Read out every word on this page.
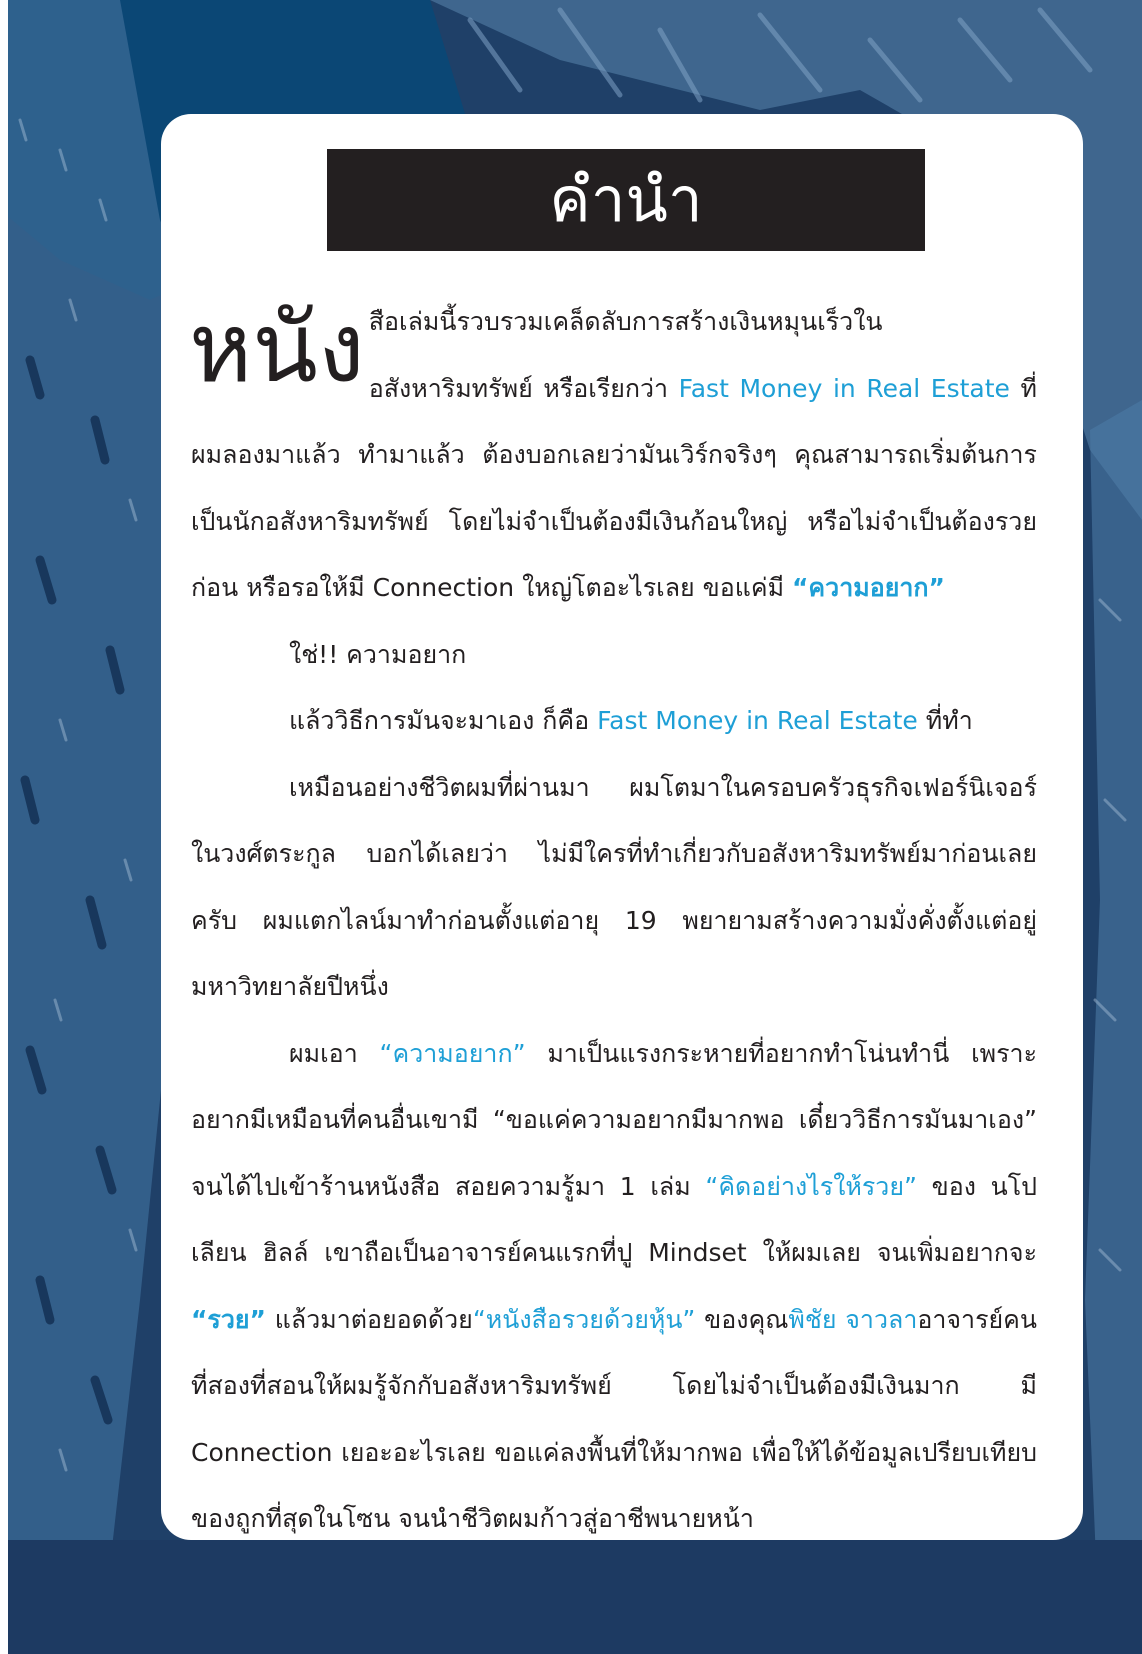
คำนำ

หนัง สือเล่มนี้รวบรวมเคล็ดลับการสร้างเงินหมุนเร็วในอสังหาริมทรัพย์ หรือเรียกว่า Fast Money in Real Estate ที่ผมลองมาแล้ว ทำมาแล้ว ต้องบอกเลยว่ามันเวิร์กจริงๆ คุณสามารถเริ่มต้นการเป็นนักอสังหาริมทรัพย์ โดยไม่จำเป็นต้องมีเงินก้อนใหญ่ หรือไม่จำเป็นต้องรวยก่อน หรือรอให้มี Connection ใหญ่โตอะไรเลย ขอแค่มี “ความอยาก”

ใช่!! ความอยาก

แล้ววิธีการมันจะมาเอง ก็คือ Fast Money in Real Estate ที่ทำ

เหมือนอย่างชีวิตผมที่ผ่านมา ผมโตมาในครอบครัวธุรกิจเฟอร์นิเจอร์ ในวงศ์ตระกูล บอกได้เลยว่า ไม่มีใครที่ทำเกี่ยวกับอสังหาริมทรัพย์มาก่อนเลยครับ ผมแตกไลน์มาทำก่อนตั้งแต่อายุ 19 พยายามสร้างความมั่งคั่งตั้งแต่อยู่มหาวิทยาลัยปีหนึ่ง

ผมเอา “ความอยาก” มาเป็นแรงกระหายที่อยากทำโน่นทำนี่ เพราะอยากมีเหมือนที่คนอื่นเขามี “ขอแค่ความอยากมีมากพอ เดี๋ยววิธีการมันมาเอง” จนได้ไปเข้าร้านหนังสือ สอยความรู้มา 1 เล่ม “คิดอย่างไรให้รวย” ของ นโปเลียน ฮิลล์ เขาถือเป็นอาจารย์คนแรกที่ปู Mindset ให้ผมเลย จนเพิ่มอยากจะ “รวย” แล้วมาต่อยอดด้วย“หนังสือรวยด้วยหุ้น” ของคุณพิชัย จาวลาอาจารย์คนที่สองที่สอนให้ผมรู้จักกับอสังหาริมทรัพย์ โดยไม่จำเป็นต้องมีเงินมาก มี Connection เยอะอะไรเลย ขอแค่ลงพื้นที่ให้มากพอ เพื่อให้ได้ข้อมูลเปรียบเทียบของถูกที่สุดในโซน จนนำชีวิตผมก้าวสู่อาชีพนายหน้า
